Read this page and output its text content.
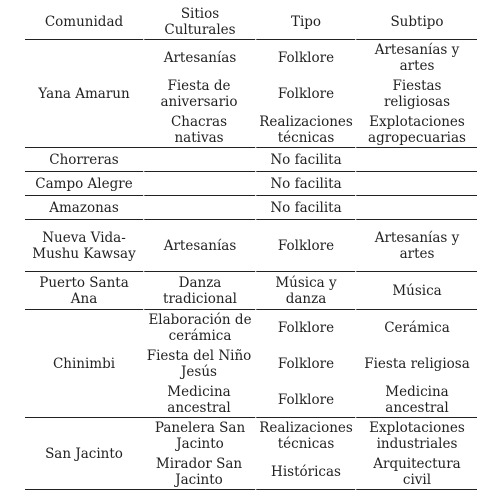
Comunidad	Sitios Culturales	Tipo	Subtipo
Yana Amarun	Artesanías	Folklore	Artesanías y artes
	Fiesta de aniversario	Folklore	Fiestas religiosas
	Chacras nativas	Realizaciones técnicas	Explotaciones agropecuarias
Chorreras		No facilita	
Campo Alegre		No facilita	
Amazonas		No facilita	
Nueva Vida-Mushu Kawsay	Artesanías	Folklore	Artesanías y artes
Puerto Santa Ana	Danza tradicional	Música y danza	Música
Chinimbi	Elaboración de cerámica	Folklore	Cerámica
	Fiesta del Niño Jesús	Folklore	Fiesta religiosa
	Medicina ancestral	Folklore	Medicina ancestral
San Jacinto	Panelera San Jacinto	Realizaciones técnicas	Explotaciones industriales
	Mirador San Jacinto	Históricas	Arquitectura civil
